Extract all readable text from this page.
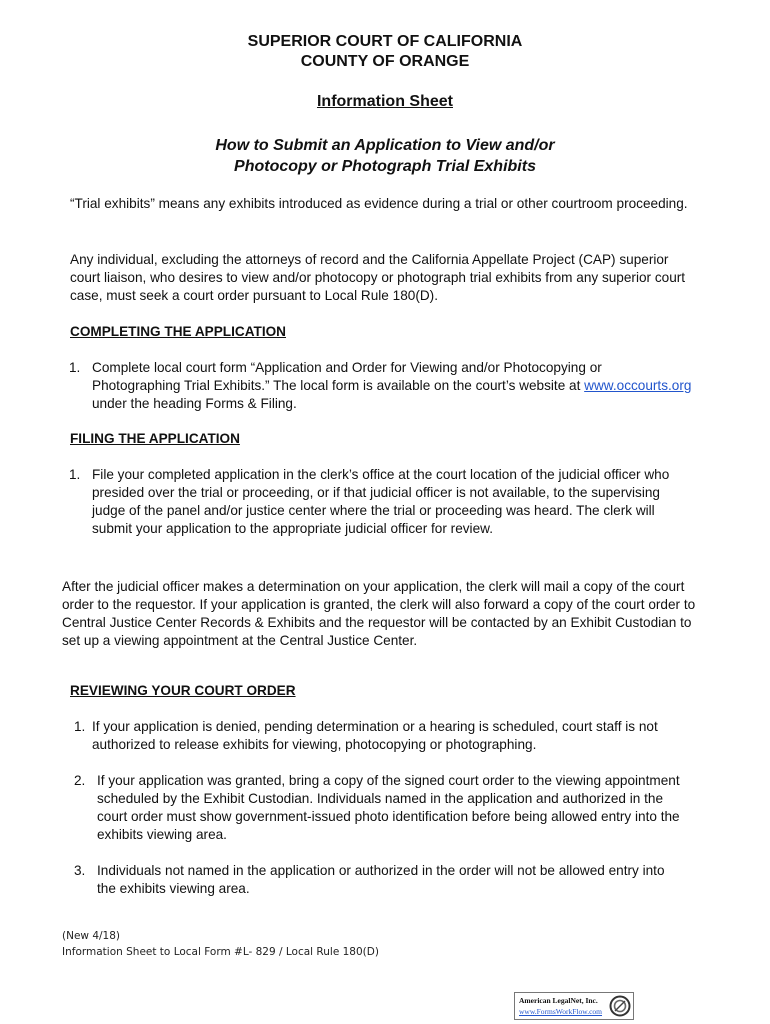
SUPERIOR COURT OF CALIFORNIA
COUNTY OF ORANGE
Information Sheet
How to Submit an Application to View and/or
Photocopy or Photograph Trial Exhibits

“Trial exhibits” means any exhibits introduced as evidence during a trial or other courtroom proceeding.

Any individual, excluding the attorneys of record and the California Appellate Project (CAP) superior court liaison, who desires to view and/or photocopy or photograph trial exhibits from any superior court case, must seek a court order pursuant to Local Rule 180(D).

COMPLETING THE APPLICATION
1. Complete local court form “Application and Order for Viewing and/or Photocopying or Photographing Trial Exhibits.” The local form is available on the court’s website at www.occourts.org under the heading Forms & Filing.
FILING THE APPLICATION
1. File your completed application in the clerk’s office at the court location of the judicial officer who presided over the trial or proceeding, or if that judicial officer is not available, to the supervising judge of the panel and/or justice center where the trial or proceeding was heard. The clerk will submit your application to the appropriate judicial officer for review.

After the judicial officer makes a determination on your application, the clerk will mail a copy of the court order to the requestor. If your application is granted, the clerk will also forward a copy of the court order to Central Justice Center Records & Exhibits and the requestor will be contacted by an Exhibit Custodian to set up a viewing appointment at the Central Justice Center.

REVIEWING YOUR COURT ORDER
1. If your application is denied, pending determination or a hearing is scheduled, court staff is not authorized to release exhibits for viewing, photocopying or photographing.
2. If your application was granted, bring a copy of the signed court order to the viewing appointment scheduled by the Exhibit Custodian. Individuals named in the application and authorized in the court order must show government-issued photo identification before being allowed entry into the exhibits viewing area.
3. Individuals not named in the application or authorized in the order will not be allowed entry into the exhibits viewing area.
(New 4/18)
Information Sheet to Local Form #L- 829 / Local Rule 180(D)
American LegalNet, Inc.
www.FormsWorkFlow.com
